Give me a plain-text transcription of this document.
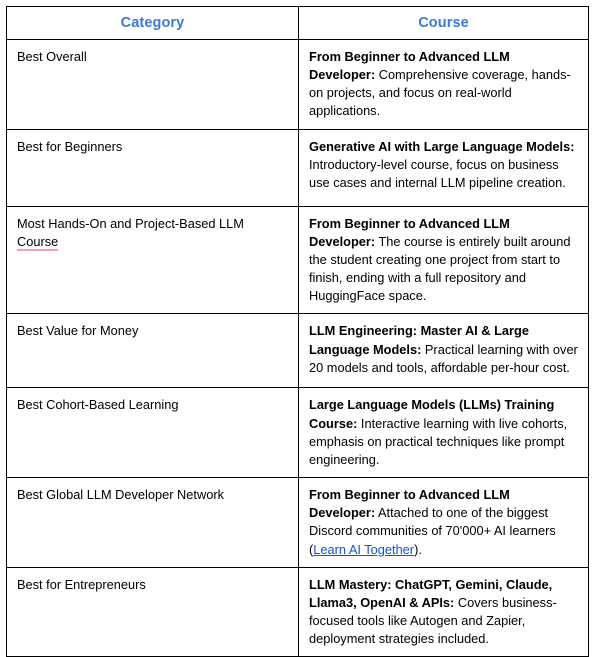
Category	Course
Best Overall	From Beginner to Advanced LLM Developer: Comprehensive coverage, hands-on projects, and focus on real-world applications.
Best for Beginners	Generative AI with Large Language Models: Introductory-level course, focus on business use cases and internal LLM pipeline creation.
Most Hands-On and Project-Based LLM Course	From Beginner to Advanced LLM Developer: The course is entirely built around the student creating one project from start to finish, ending with a full repository and HuggingFace space.
Best Value for Money	LLM Engineering: Master AI & Large Language Models: Practical learning with over 20 models and tools, affordable per-hour cost.
Best Cohort-Based Learning	Large Language Models (LLMs) Training Course: Interactive learning with live cohorts, emphasis on practical techniques like prompt engineering.
Best Global LLM Developer Network	From Beginner to Advanced LLM Developer: Attached to one of the biggest Discord communities of 70'000+ AI learners (Learn AI Together).
Best for Entrepreneurs	LLM Mastery: ChatGPT, Gemini, Claude, Llama3, OpenAI & APIs: Covers business-focused tools like Autogen and Zapier, deployment strategies included.
